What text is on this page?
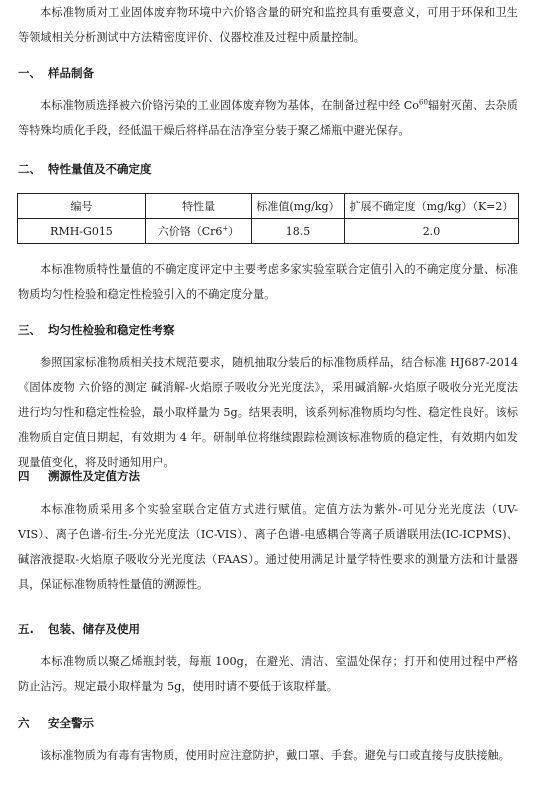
本标准物质对工业固体废弃物环境中六价铬含量的研究和监控具有重要意义，可用于环保和卫生等领域相关分析测试中方法精密度评价、仪器校准及过程中质量控制。

一、 样品制备

本标准物质选择被六价铬污染的工业固体废弃物为基体，在制备过程中经 Co$^{60}$辐射灭菌、去杂质等特殊均质化手段，经低温干燥后将样品在洁净室分装于聚乙烯瓶中避光保存。

二、 特性量值及不确定度
编号	特性量	标准值(mg/kg）	扩展不确定度（mg/kg）（K=2）
RMH-G015	六价铬（Cr6+）	18.5	2.0

本标准物质特性量值的不确定度评定中主要考虑多家实验室联合定值引入的不确定度分量、标准物质均匀性检验和稳定性检验引入的不确定度分量。

三、 均匀性检验和稳定性考察

参照国家标准物质相关技术规范要求，随机抽取分装后的标准物质样品，结合标准 HJ687-2014《固体废物 六价铬的测定 碱消解-火焰原子吸收分光光度法》，采用碱消解-火焰原子吸收分光光度法进行均匀性和稳定性检验，最小取样量为 5g。结果表明，该系列标准物质均匀性、稳定性良好。该标准物质自定值日期起，有效期为 4 年。研制单位将继续跟踪检测该标准物质的稳定性，有效期内如发现量值变化，将及时通知用户。

四 溯源性及定值方法

本标准物质采用多个实验室联合定值方式进行赋值。定值方法为紫外-可见分光光度法（UV-VIS）、离子色谱-衍生-分光光度法（IC-VIS）、离子色谱-电感耦合等离子质谱联用法(IC-ICPMS)、碱溶液提取-火焰原子吸收分光光度法（FAAS）。通过使用满足计量学特性要求的测量方法和计量器具，保证标准物质特性量值的溯源性。

五. 包装、储存及使用

本标准物质以聚乙烯瓶封装，每瓶 100g，在避光、清洁、室温处保存；打开和使用过程中严格防止沾污。规定最小取样量为 5g，使用时请不要低于该取样量。

六 安全警示

该标准物质为有毒有害物质，使用时应注意防护，戴口罩、手套。避免与口或直接与皮肤接触。
